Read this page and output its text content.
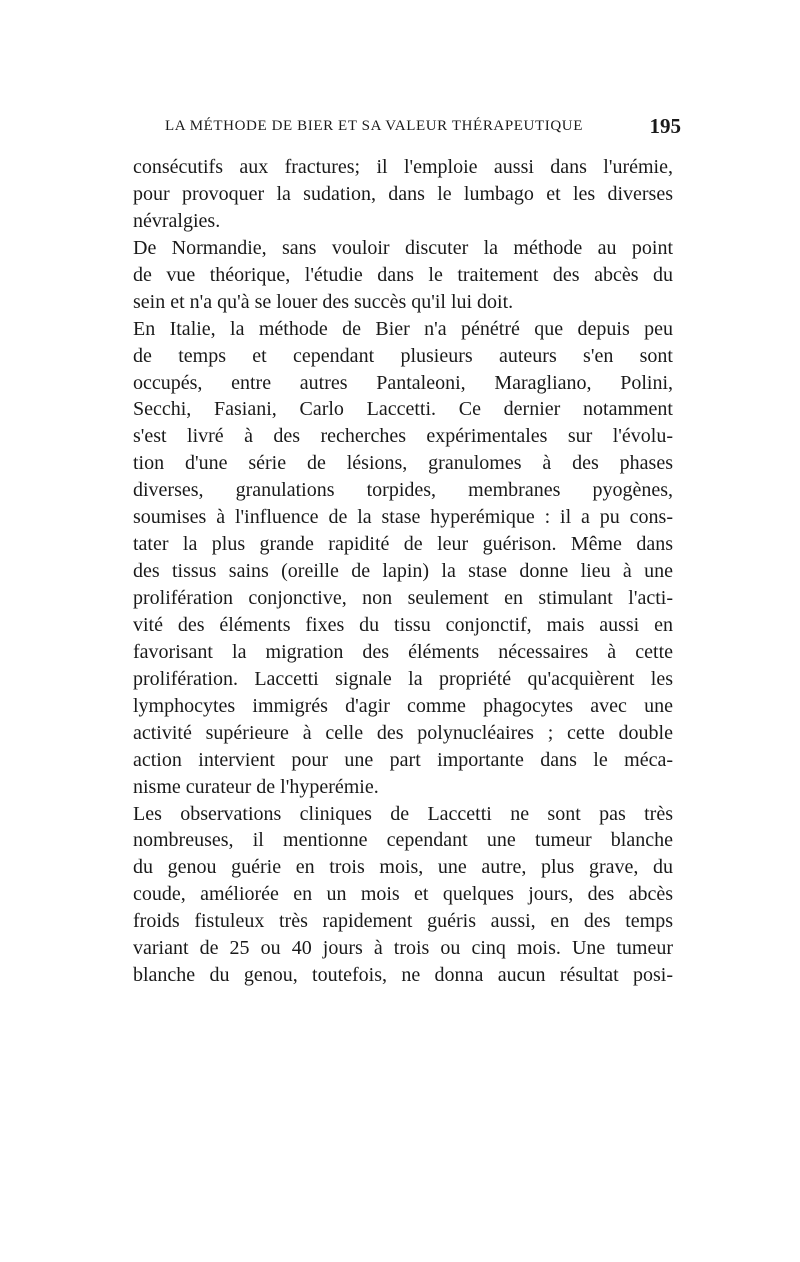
LA MÉTHODE DE BIER ET SA VALEUR THÉRAPEUTIQUE	195
consécutifs aux fractures; il l'emploie aussi dans l'urémie,
pour provoquer la sudation, dans le lumbago et les diverses
névralgies.
De Normandie, sans vouloir discuter la méthode au point
de vue théorique, l'étudie dans le traitement des abcès du
sein et n'a qu'à se louer des succès qu'il lui doit.
En Italie, la méthode de Bier n'a pénétré que depuis peu
de temps et cependant plusieurs auteurs s'en sont
occupés, entre autres Pantaleoni, Maragliano, Polini,
Secchi, Fasiani, Carlo Laccetti. Ce dernier notamment
s'est livré à des recherches expérimentales sur l'évolu-
tion d'une série de lésions, granulomes à des phases
diverses, granulations torpides, membranes pyogènes,
soumises à l'influence de la stase hyperémique : il a pu cons-
tater la plus grande rapidité de leur guérison. Même dans
des tissus sains (oreille de lapin) la stase donne lieu à une
prolifération conjonctive, non seulement en stimulant l'acti-
vité des éléments fixes du tissu conjonctif, mais aussi en
favorisant la migration des éléments nécessaires à cette
prolifération. Laccetti signale la propriété qu'acquièrent les
lymphocytes immigrés d'agir comme phagocytes avec une
activité supérieure à celle des polynucléaires ; cette double
action intervient pour une part importante dans le méca-
nisme curateur de l'hyperémie.
Les observations cliniques de Laccetti ne sont pas très
nombreuses, il mentionne cependant une tumeur blanche
du genou guérie en trois mois, une autre, plus grave, du
coude, améliorée en un mois et quelques jours, des abcès
froids fistuleux très rapidement guéris aussi, en des temps
variant de 25 ou 40 jours à trois ou cinq mois. Une tumeur
blanche du genou, toutefois, ne donna aucun résultat posi-
